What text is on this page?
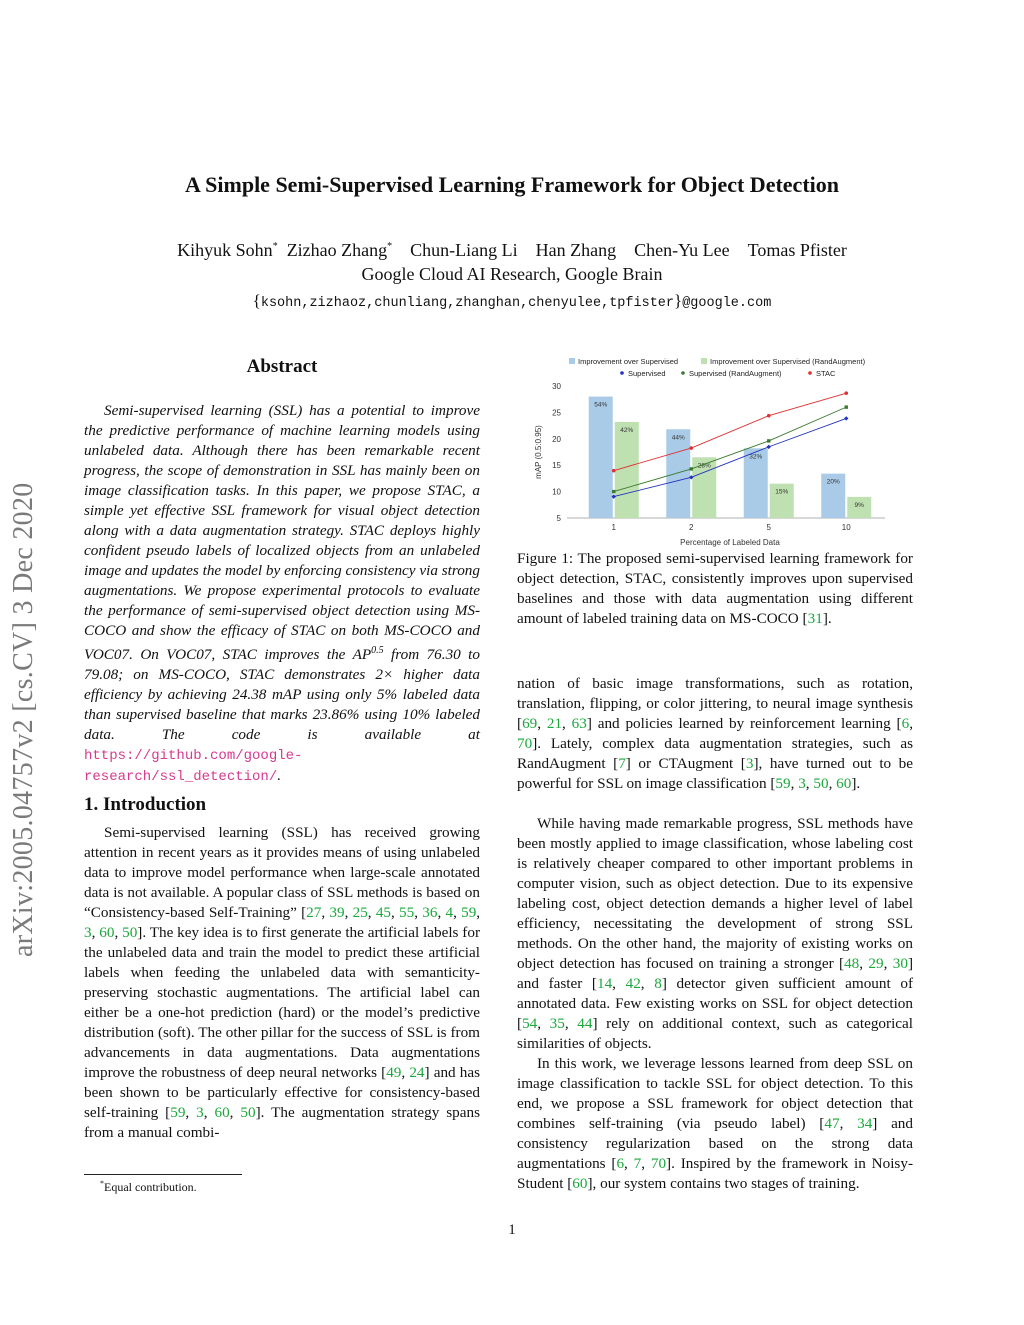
A Simple Semi-Supervised Learning Framework for Object Detection
Kihyuk Sohn*  Zizhao Zhang*  Chun-Liang Li  Han Zhang  Chen-Yu Lee  Tomas Pfister
Google Cloud AI Research, Google Brain
{ksohn,zizhaoz,chunliang,zhanghan,chenyulee,tpfister}@google.com
arXiv:2005.04757v2 [cs.CV] 3 Dec 2020
Abstract

Semi-supervised learning (SSL) has a potential to improve the predictive performance of machine learning models using unlabeled data. Although there has been remarkable recent progress, the scope of demonstration in SSL has mainly been on image classification tasks. In this paper, we propose STAC, a simple yet effective SSL framework for visual object detection along with a data augmentation strategy. STAC deploys highly confident pseudo labels of localized objects from an unlabeled image and updates the model by enforcing consistency via strong augmentations. We propose experimental protocols to evaluate the performance of semi-supervised object detection using MS-COCO and show the efficacy of STAC on both MS-COCO and VOC07. On VOC07, STAC improves the $AP^{0.5}$ from 76.30 to 79.08; on MS-COCO, STAC demonstrates 2× higher data efficiency by achieving 24.38 mAP using only 5% labeled data than supervised baseline that marks 23.86% using 10% labeled data. The code is available at https://github.com/google-research/ssl_detection/.

1. Introduction

Semi-supervised learning (SSL) has received growing attention in recent years as it provides means of using unlabeled data to improve model performance when large-scale annotated data is not available. A popular class of SSL methods is based on “Consistency-based Self-Training” [27, 39, 25, 45, 55, 36, 4, 59, 3, 60, 50]. The key idea is to first generate the artificial labels for the unlabeled data and train the model to predict these artificial labels when feeding the unlabeled data with semanticity-preserving stochastic augmentations. The artificial label can either be a one-hot prediction (hard) or the model’s predictive distribution (soft). The other pillar for the success of SSL is from advancements in data augmentations. Data augmentations improve the robustness of deep neural networks [49, 24] and has been shown to be particularly effective for consistency-based self-training [59, 3, 60, 50]. The augmentation strategy spans from a manual combi-

*Equal contribution.
5
10
15
20
25
30
54%
44%
32%
20%
42%
28%
15%
9%
1	2	5	10
Percentage of Labeled Data
mAP (0.5:0.95)
Improvement over Supervised	Improvement over Supervised (RandAugment)
Supervised	Supervised (RandAugment)	STAC

Figure 1: The proposed semi-supervised learning framework for object detection, STAC, consistently improves upon supervised baselines and those with data augmentation using different amount of labeled training data on MS-COCO [31].

nation of basic image transformations, such as rotation, translation, flipping, or color jittering, to neural image synthesis [69, 21, 63] and policies learned by reinforcement learning [6, 70]. Lately, complex data augmentation strategies, such as RandAugment [7] or CTAugment [3], have turned out to be powerful for SSL on image classification [59, 3, 50, 60].

While having made remarkable progress, SSL methods have been mostly applied to image classification, whose labeling cost is relatively cheaper compared to other important problems in computer vision, such as object detection. Due to its expensive labeling cost, object detection demands a higher level of label efficiency, necessitating the development of strong SSL methods. On the other hand, the majority of existing works on object detection has focused on training a stronger [48, 29, 30] and faster [14, 42, 8] detector given sufficient amount of annotated data. Few existing works on SSL for object detection [54, 35, 44] rely on additional context, such as categorical similarities of objects.

In this work, we leverage lessons learned from deep SSL on image classification to tackle SSL for object detection. To this end, we propose a SSL framework for object detection that combines self-training (via pseudo label) [47, 34] and consistency regularization based on the strong data augmentations [6, 7, 70]. Inspired by the framework in Noisy-Student [60], our system contains two stages of training.

1
